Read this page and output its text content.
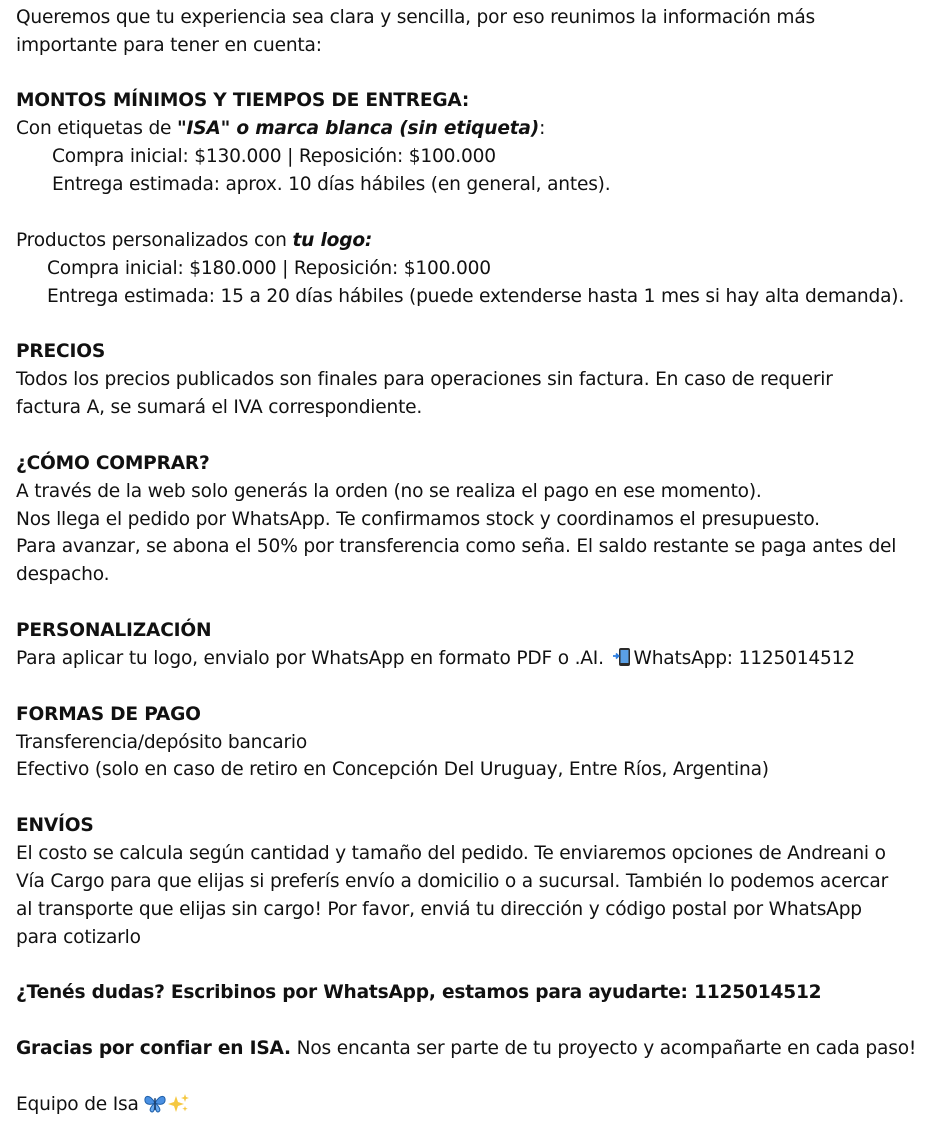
Queremos que tu experiencia sea clara y sencilla, por eso reunimos la información más

importante para tener en cuenta:

MONTOS MÍNIMOS Y TIEMPOS DE ENTREGA:

Con etiquetas de "ISA" o marca blanca (sin etiqueta):

Compra inicial: $130.000 | Reposición: $100.000

Entrega estimada: aprox. 10 días hábiles (en general, antes).

Productos personalizados con tu logo:

Compra inicial: $180.000 | Reposición: $100.000

Entrega estimada: 15 a 20 días hábiles (puede extenderse hasta 1 mes si hay alta demanda).

PRECIOS

Todos los precios publicados son finales para operaciones sin factura. En caso de requerir

factura A, se sumará el IVA correspondiente.

¿CÓMO COMPRAR?

A través de la web solo generás la orden (no se realiza el pago en ese momento).

Nos llega el pedido por WhatsApp. Te confirmamos stock y coordinamos el presupuesto.

Para avanzar, se abona el 50% por transferencia como seña. El saldo restante se paga antes del

despacho.

PERSONALIZACIÓN

Para aplicar tu logo, envialo por WhatsApp en formato PDF o .AI. WhatsApp: 1125014512

FORMAS DE PAGO

Transferencia/depósito bancario

Efectivo (solo en caso de retiro en Concepción Del Uruguay, Entre Ríos, Argentina)

ENVÍOS

El costo se calcula según cantidad y tamaño del pedido. Te enviaremos opciones de Andreani o

Vía Cargo para que elijas si preferís envío a domicilio o a sucursal. También lo podemos acercar

al transporte que elijas sin cargo! Por favor, enviá tu dirección y código postal por WhatsApp

para cotizarlo

¿Tenés dudas? Escribinos por WhatsApp, estamos para ayudarte: 1125014512

Gracias por confiar en ISA. Nos encanta ser parte de tu proyecto y acompañarte en cada paso!

Equipo de Isa
